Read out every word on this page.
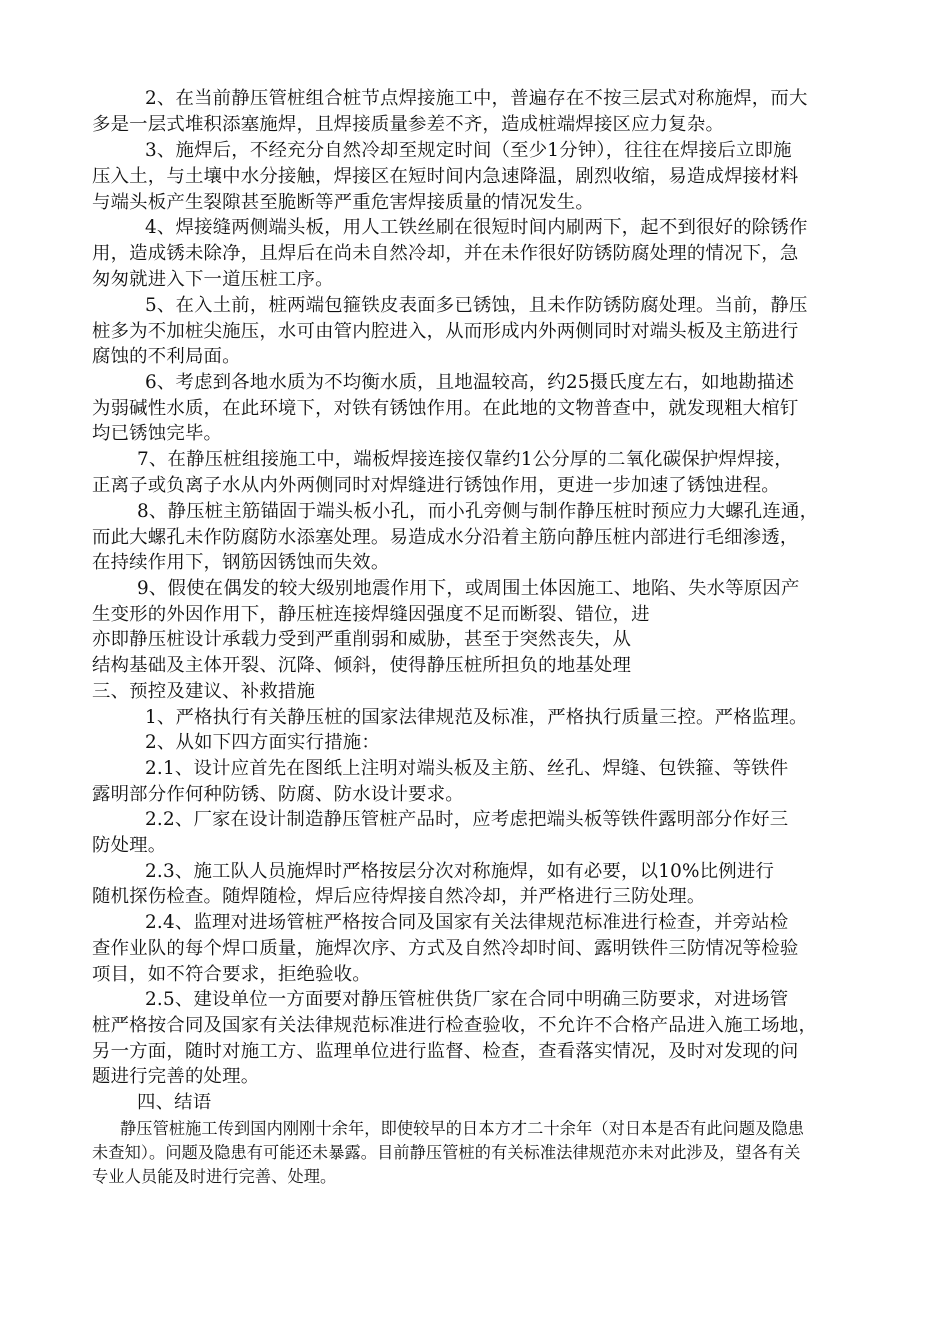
2、在当前静压管桩组合桩节点焊接施工中，普遍存在不按三层式对称施焊，而大
多是一层式堆积添塞施焊，且焊接质量参差不齐，造成桩端焊接区应力复杂。
3、施焊后，不经充分自然冷却至规定时间（至少1分钟），往往在焊接后立即施
压入土，与土壤中水分接触，焊接区在短时间内急速降温，剧烈收缩，易造成焊接材料
与端头板产生裂隙甚至脆断等严重危害焊接质量的情况发生。
4、焊接缝两侧端头板，用人工铁丝刷在很短时间内刷两下，起不到很好的除锈作
用，造成锈未除净，且焊后在尚未自然冷却，并在未作很好防锈防腐处理的情况下，急
匆匆就进入下一道压桩工序。
5、在入土前，桩两端包箍铁皮表面多已锈蚀，且未作防锈防腐处理。当前，静压
桩多为不加桩尖施压，水可由管内腔进入，从而形成内外两侧同时对端头板及主筋进行
腐蚀的不利局面。
6、考虑到各地水质为不均衡水质，且地温较高，约25摄氏度左右，如地勘描述
为弱碱性水质，在此环境下，对铁有锈蚀作用。在此地的文物普查中，就发现粗大棺钉
均已锈蚀完毕。
7、在静压桩组接施工中，端板焊接连接仅靠约1公分厚的二氧化碳保护焊焊接，
正离子或负离子水从内外两侧同时对焊缝进行锈蚀作用，更进一步加速了锈蚀进程。
8、静压桩主筋锚固于端头板小孔，而小孔旁侧与制作静压桩时预应力大螺孔连通，
而此大螺孔未作防腐防水添塞处理。易造成水分沿着主筋向静压桩内部进行毛细渗透，
在持续作用下，钢筋因锈蚀而失效。
9、假使在偶发的较大级别地震作用下，或周围土体因施工、地陷、失水等原因产
生变形的外因作用下，静压桩连接焊缝因强度不足而断裂、错位，进
亦即静压桩设计承载力受到严重削弱和威胁，甚至于突然丧失，从
结构基础及主体开裂、沉降、倾斜，使得静压桩所担负的地基处理
三、预控及建议、补救措施
1、严格执行有关静压桩的国家法律规范及标准，严格执行质量三控。严格监理。
2、从如下四方面实行措施：
2.1、设计应首先在图纸上注明对端头板及主筋、丝孔、焊缝、包铁箍、等铁件
露明部分作何种防锈、防腐、防水设计要求。
2.2、厂家在设计制造静压管桩产品时，应考虑把端头板等铁件露明部分作好三
防处理。
2.3、施工队人员施焊时严格按层分次对称施焊，如有必要，以10%比例进行
随机探伤检查。随焊随检，焊后应待焊接自然冷却，并严格进行三防处理。
2.4、监理对进场管桩严格按合同及国家有关法律规范标准进行检查，并旁站检
查作业队的每个焊口质量，施焊次序、方式及自然冷却时间、露明铁件三防情况等检验
项目，如不符合要求，拒绝验收。
2.5、建设单位一方面要对静压管桩供货厂家在合同中明确三防要求，对进场管
桩严格按合同及国家有关法律规范标准进行检查验收，不允许不合格产品进入施工场地，
另一方面，随时对施工方、监理单位进行监督、检查，查看落实情况，及时对发现的问
题进行完善的处理。
四、结语
静压管桩施工传到国内刚刚十余年，即使较早的日本方才二十余年（对日本是否有此问题及隐患
未查知）。问题及隐患有可能还未暴露。目前静压管桩的有关标准法律规范亦未对此涉及，望各有关
专业人员能及时进行完善、处理。
